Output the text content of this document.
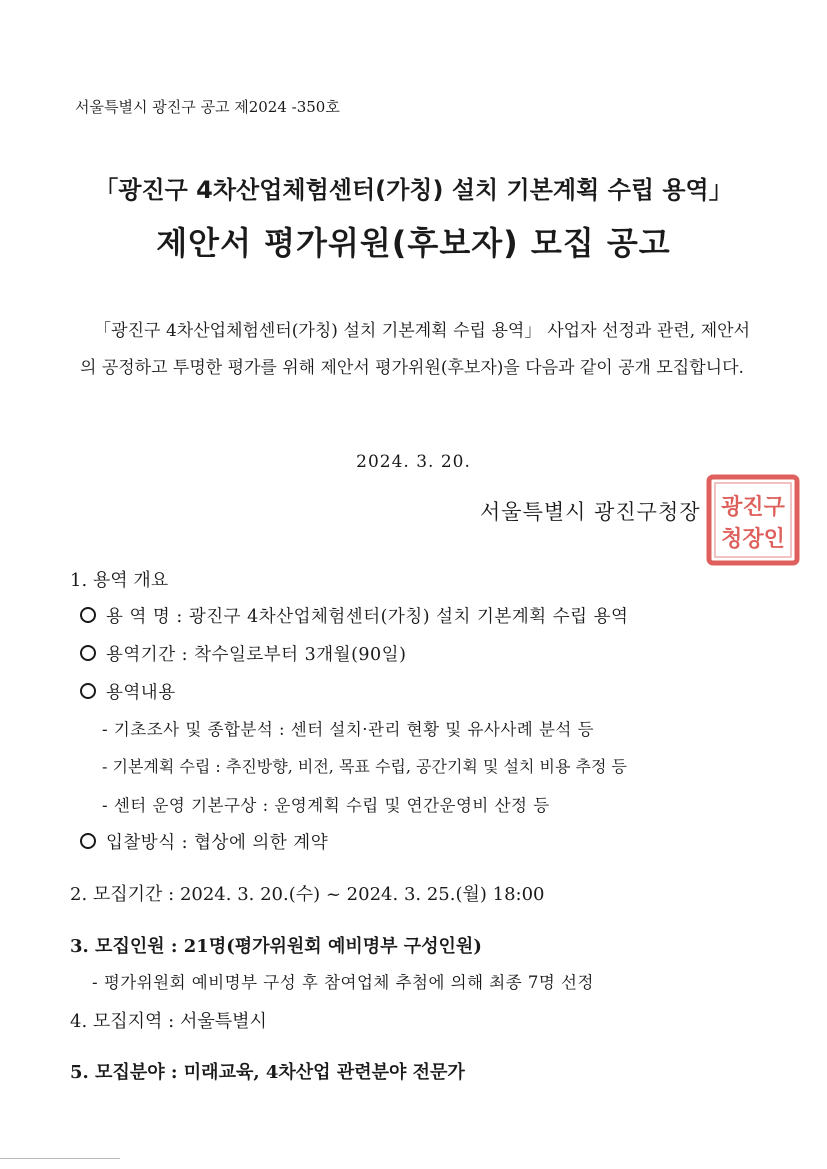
서울특별시 광진구 공고 제2024 -350호
「광진구 4차산업체험센터(가칭) 설치 기본계획 수립 용역」
제안서 평가위원(후보자) 모집 공고
「광진구 4차산업체험센터(가칭) 설치 기본계획 수립 용역」 사업자 선정과 관련, 제안서의 공정하고 투명한 평가를 위해 제안서 평가위원(후보자)을 다음과 같이 공개 모집합니다.
2024. 3. 20.
서울특별시 광진구청장 광진구
청장인
1. 용역 개요
용 역 명 : 광진구 4차산업체험센터(가칭) 설치 기본계획 수립 용역
용역기간 : 착수일로부터 3개월(90일)
용역내용
- 기초조사 및 종합분석 : 센터 설치·관리 현황 및 유사사례 분석 등
- 기본계획 수립 : 추진방향, 비전, 목표 수립, 공간기획 및 설치 비용 추정 등
- 센터 운영 기본구상 : 운영계획 수립 및 연간운영비 산정 등
입찰방식 : 협상에 의한 계약
2. 모집기간 : 2024. 3. 20.(수) ~ 2024. 3. 25.(월) 18:00
3. 모집인원 : 21명(평가위원회 예비명부 구성인원)
- 평가위원회 예비명부 구성 후 참여업체 추첨에 의해 최종 7명 선정
4. 모집지역 : 서울특별시
5. 모집분야 : 미래교육, 4차산업 관련분야 전문가
